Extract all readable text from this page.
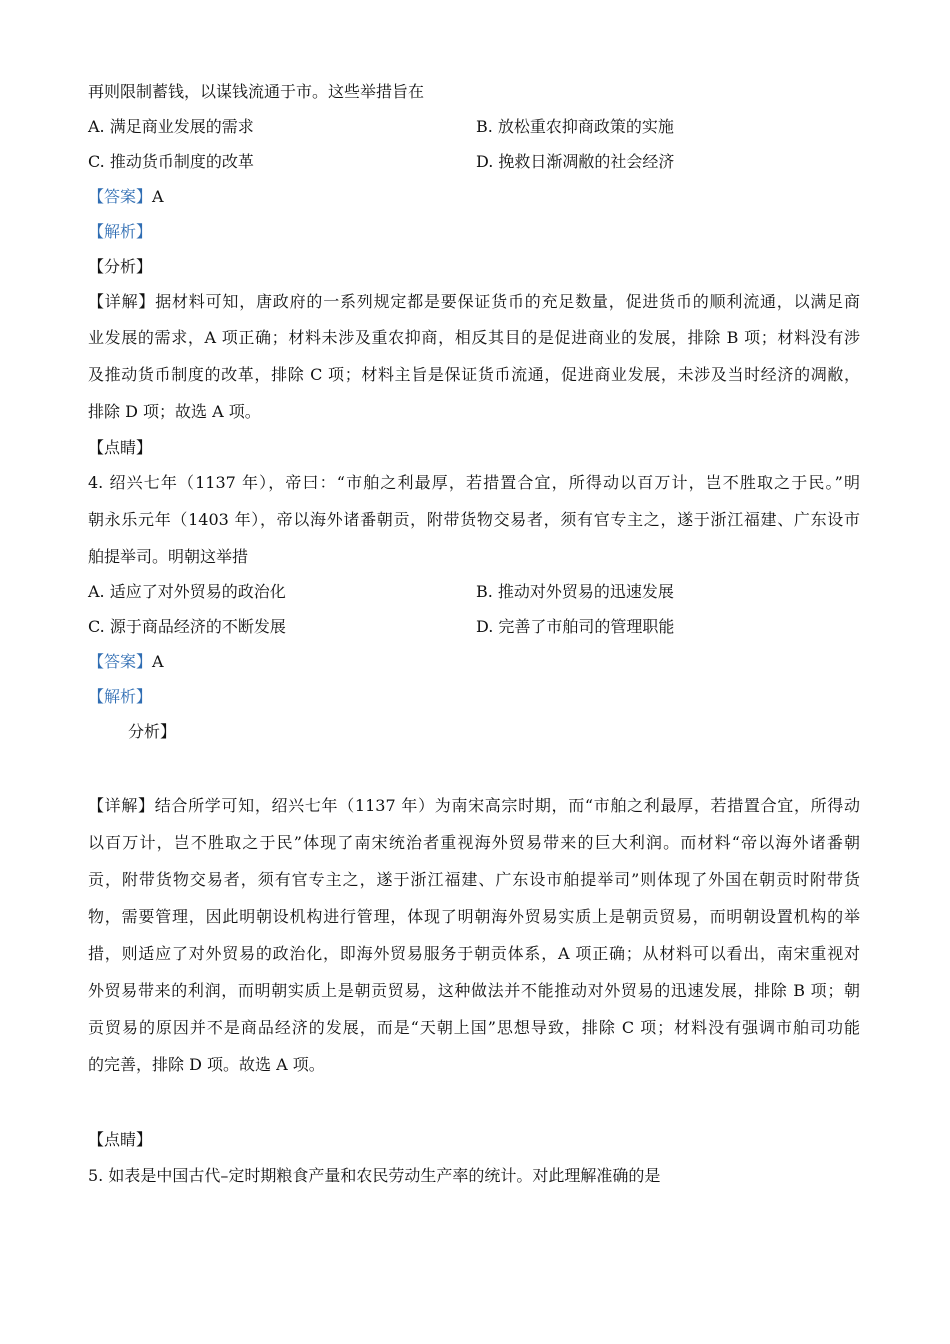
再则限制蓄钱，以谋钱流通于市。这些举措旨在
A. 满足商业发展的需求	B. 放松重农抑商政策的实施
C. 推动货币制度的改革	D. 挽救日渐凋敝的社会经济
【答案】A
【解析】
【分析】
【详解】据材料可知，唐政府的一系列规定都是要保证货币的充足数量，促进货币的顺利流通，以满足商
业发展的需求，A 项正确；材料未涉及重农抑商，相反其目的是促进商业的发展，排除 B 项；材料没有涉
及推动货币制度的改革，排除 C 项；材料主旨是保证货币流通，促进商业发展，未涉及当时经济的凋敝，
排除 D 项；故选 A 项。
【点睛】
4. 绍兴七年（1137 年），帝曰：“市舶之利最厚，若措置合宜，所得动以百万计，岂不胜取之于民。”明
朝永乐元年（1403 年），帝以海外诸番朝贡，附带货物交易者，须有官专主之，遂于浙江福建、广东设市
舶提举司。明朝这举措
A. 适应了对外贸易的政治化	B. 推动对外贸易的迅速发展
C. 源于商品经济的不断发展	D. 完善了市舶司的管理职能
【答案】A
【解析】
分析】
【详解】结合所学可知，绍兴七年（1137 年）为南宋高宗时期，而“市舶之利最厚，若措置合宜，所得动
以百万计，岂不胜取之于民”体现了南宋统治者重视海外贸易带来的巨大利润。而材料“帝以海外诸番朝
贡，附带货物交易者，须有官专主之，遂于浙江福建、广东设市舶提举司”则体现了外国在朝贡时附带货
物，需要管理，因此明朝设机构进行管理，体现了明朝海外贸易实质上是朝贡贸易，而明朝设置机构的举
措，则适应了对外贸易的政治化，即海外贸易服务于朝贡体系，A 项正确；从材料可以看出，南宋重视对
外贸易带来的利润，而明朝实质上是朝贡贸易，这种做法并不能推动对外贸易的迅速发展，排除 B 项；朝
贡贸易的原因并不是商品经济的发展，而是“天朝上国”思想导致，排除 C 项；材料没有强调市舶司功能
的完善，排除 D 项。故选 A 项。
【点睛】
5. 如表是中国古代–定时期粮食产量和农民劳动生产率的统计。对此理解准确的是
